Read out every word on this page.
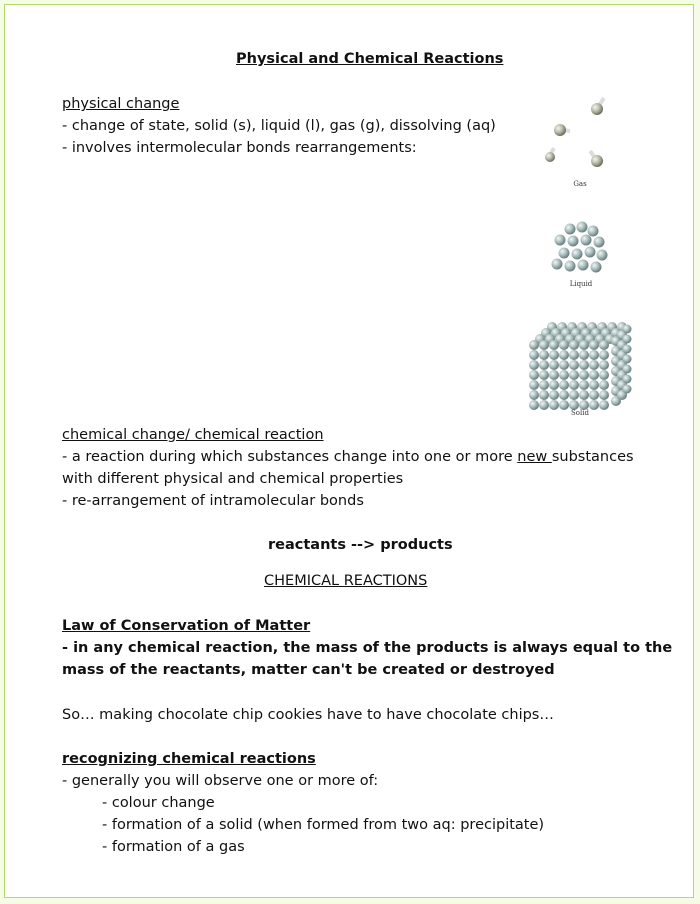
Physical and Chemical Reactions
physical change
- change of state, solid (s), liquid (l), gas (g), dissolving (aq)
- involves intermolecular bonds rearrangements:
Gas
Liquid
Solid
chemical change/ chemical reaction
- a reaction during which substances change into one or more new substances
with different physical and chemical properties
- re-arrangement of intramolecular bonds
reactants --> products
CHEMICAL REACTIONS
Law of Conservation of Matter
- in any chemical reaction, the mass of the products is always equal to the
mass of the reactants, matter can't be created or destroyed
So… making chocolate chip cookies have to have chocolate chips…
recognizing chemical reactions
- generally you will observe one or more of:
- colour change
- formation of a solid (when formed from two aq: precipitate)
- formation of a gas
